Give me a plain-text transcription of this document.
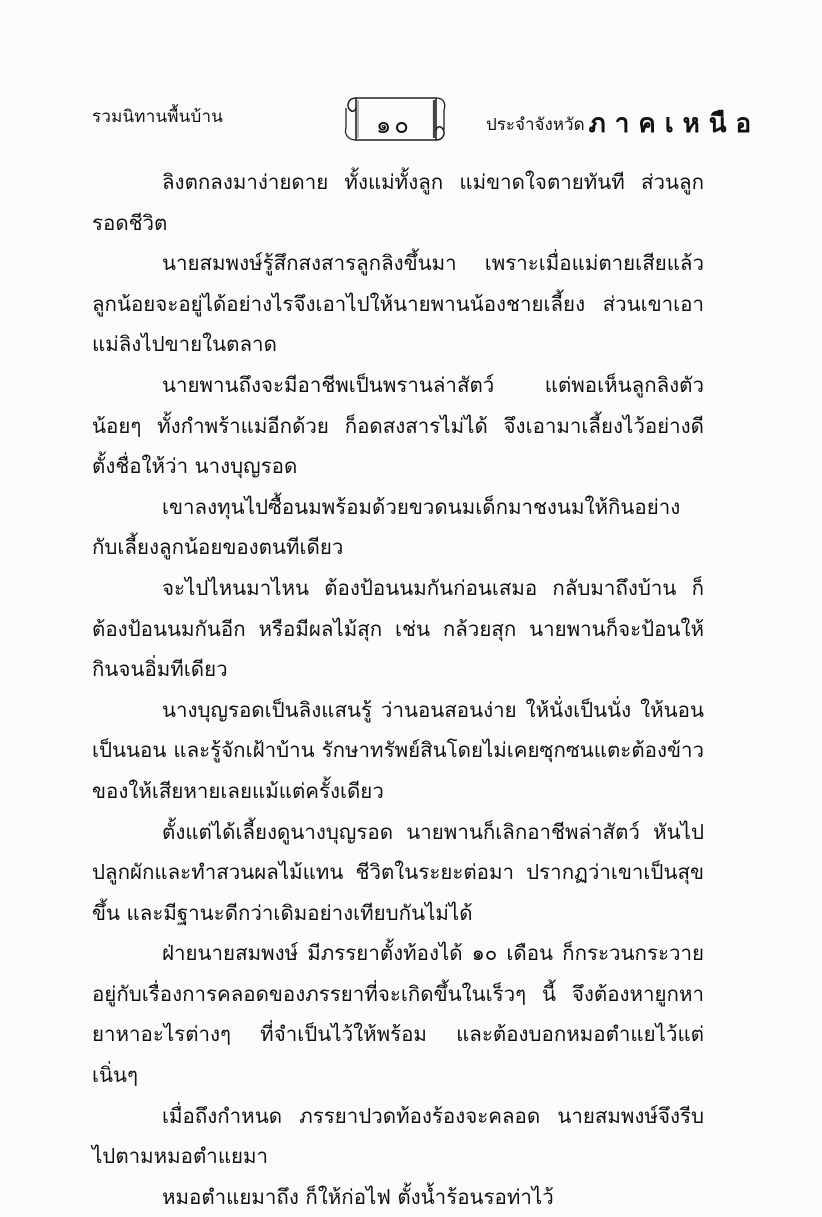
รวมนิทานพื้นบ้าน	๑๐	ประจำจังหวัด ภาคเหนือ

ลิงตกลงมาง่ายดาย ทั้งแม่ทั้งลูก แม่ขาดใจตายทันที ส่วนลูกรอดชีวิต

นายสมพงษ์รู้สึกสงสารลูกลิงขึ้นมา เพราะเมื่อแม่ตายเสียแล้ว ลูกน้อยจะอยู่ได้อย่างไรจึงเอาไปให้นายพานน้องชายเลี้ยง ส่วนเขาเอาแม่ลิงไปขายในตลาด

นายพานถึงจะมีอาชีพเป็นพรานล่าสัตว์ แต่พอเห็นลูกลิงตัวน้อยๆ ทั้งกำพร้าแม่อีกด้วย ก็อดสงสารไม่ได้ จึงเอามาเลี้ยงไว้อย่างดี ตั้งชื่อให้ว่า นางบุญรอด

เขาลงทุนไปซื้อนมพร้อมด้วยขวดนมเด็กมาชงนมให้กินอย่างกับเลี้ยงลูกน้อยของตนทีเดียว

จะไปไหนมาไหน ต้องป้อนนมกันก่อนเสมอ กลับมาถึงบ้าน ก็ต้องป้อนนมกันอีก หรือมีผลไม้สุก เช่น กล้วยสุก นายพานก็จะป้อนให้กินจนอิ่มทีเดียว

นางบุญรอดเป็นลิงแสนรู้ ว่านอนสอนง่าย ให้นั่งเป็นนั่ง ให้นอนเป็นนอน และรู้จักเฝ้าบ้าน รักษาทรัพย์สินโดยไม่เคยซุกซนแตะต้องข้าวของให้เสียหายเลยแม้แต่ครั้งเดียว

ตั้งแต่ได้เลี้ยงดูนางบุญรอด นายพานก็เลิกอาชีพล่าสัตว์ หันไปปลูกผักและทำสวนผลไม้แทน ชีวิตในระยะต่อมา ปรากฏว่าเขาเป็นสุขขึ้น และมีฐานะดีกว่าเดิมอย่างเทียบกันไม่ได้

ฝ่ายนายสมพงษ์ มีภรรยาตั้งท้องได้ ๑๐ เดือน ก็กระวนกระวายอยู่กับเรื่องการคลอดของภรรยาที่จะเกิดขึ้นในเร็วๆ นี้ จึงต้องหายูกหายาหาอะไรต่างๆ ที่จำเป็นไว้ให้พร้อม และต้องบอกหมอตำแยไว้แต่เนิ่นๆ

เมื่อถึงกำหนด ภรรยาปวดท้องร้องจะคลอด นายสมพงษ์จึงรีบไปตามหมอตำแยมา

หมอตำแยมาถึง ก็ให้ก่อไฟ ตั้งน้ำร้อนรอท่าไว้
